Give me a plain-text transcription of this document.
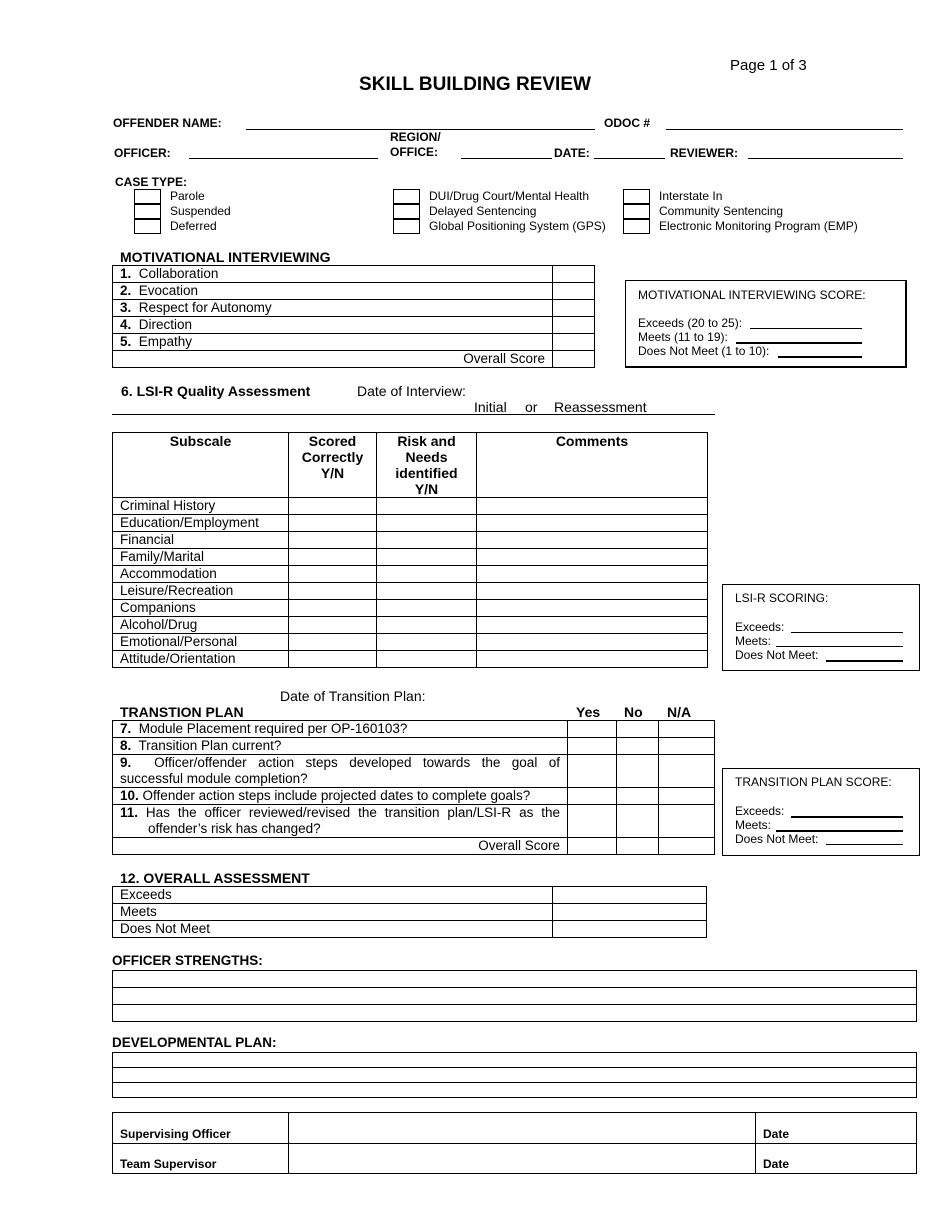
Page 1 of 3
SKILL BUILDING REVIEW
OFFENDER NAME:	ODOC #
OFFICER:
REGION/
OFFICE:	DATE:	REVIEWER:
CASE TYPE:
Parole
Suspended
Deferred
DUI/Drug Court/Mental Health
Delayed Sentencing
Global Positioning System (GPS)
Interstate In
Community Sentencing
Electronic Monitoring Program (EMP)
MOTIVATIONAL INTERVIEWING
1. Collaboration	
2. Evocation	
3. Respect for Autonomy	
4. Direction	
5. Empathy	
Overall Score	
MOTIVATIONAL INTERVIEWING SCORE:
Exceeds (20 to 25):
Meets (11 to 19):
Does Not Meet (1 to 10):
6. LSI-R Quality Assessment	Date of Interview:
Initial or Reassessment
Subscale	Scored Correctly Y/N	Risk and Needs identified Y/N	Comments
Criminal History			
Education/Employment			
Financial			
Family/Marital			
Accommodation			
Leisure/Recreation			
Companions			
Alcohol/Drug			
Emotional/Personal			
Attitude/Orientation			
LSI-R SCORING:
Exceeds:
Meets:
Does Not Meet:
Date of Transition Plan:
TRANSTION PLAN	Yes No N/A
7. Module Placement required per OP-160103?			
8. Transition Plan current?			

9. Officer/offender action steps developed towards the goal of
successful module completion?			

10. Offender action steps include projected dates to complete goals?			

11. Has the officer reviewed/revised the transition plan/LSI-R as the
offender’s risk has changed?			

Overall Score			
TRANSITION PLAN SCORE:
Exceeds:
Meets:
Does Not Meet:
12. OVERALL ASSESSMENT
Exceeds	
Meets	
Does Not Meet	
OFFICER STRENGTHS:

DEVELOPMENTAL PLAN:

Supervising Officer		Date
Team Supervisor		Date
